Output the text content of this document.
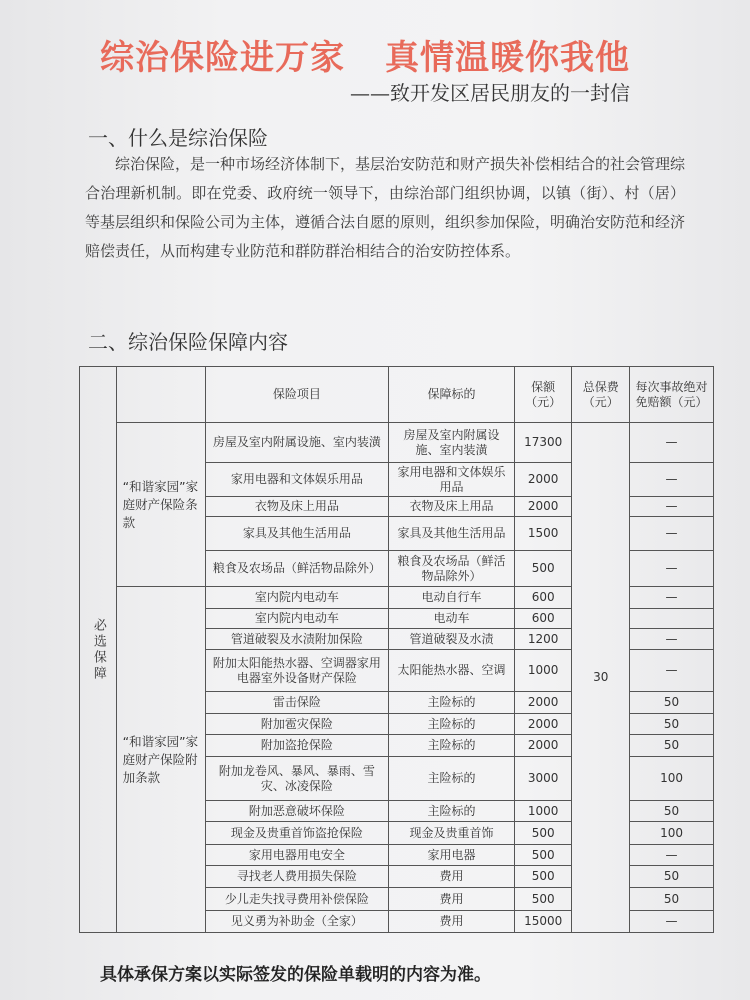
综治保险进万家 真情温暖你我他
——致开发区居民朋友的一封信
一、什么是综治保险
综治保险，是一种市场经济体制下，基层治安防范和财产损失补偿相结合的社会管理综合治理新机制。即在党委、政府统一领导下，由综治部门组织协调，以镇（街）、村（居）等基层组织和保险公司为主体，遵循合法自愿的原则，组织参加保险，明确治安防范和经济赔偿责任，从而构建专业防范和群防群治相结合的治安防控体系。
二、综治保险保障内容
必选保障		保险项目	保障标的	保额（元）	总保费（元）	每次事故绝对免赔额（元）
	“和谐家园”家庭财产保险条款	房屋及室内附属设施、室内装潢	房屋及室内附属设施、室内装潢	17300	30	—
		家用电器和文体娱乐用品	家用电器和文体娱乐用品	2000		—
		衣物及床上用品	衣物及床上用品	2000		—
		家具及其他生活用品	家具及其他生活用品	1500		—
		粮食及农场品（鲜活物品除外）	粮食及农场品（鲜活物品除外）	500		—
	“和谐家园”家庭财产保险附加条款	室内院内电动车	电动自行车	600		—
		室内院内电动车	电动车	600		
		管道破裂及水渍附加保险	管道破裂及水渍	1200		—
		附加太阳能热水器、空调器家用电器室外设备财产保险	太阳能热水器、空调	1000		—
		雷击保险	主险标的	2000		50
		附加雹灾保险	主险标的	2000		50
		附加盗抢保险	主险标的	2000		50
		附加龙卷风、暴风、暴雨、雪灾、冰凌保险	主险标的	3000		100
		附加恶意破坏保险	主险标的	1000		50
		现金及贵重首饰盗抢保险	现金及贵重首饰	500		100
		家用电器用电安全	家用电器	500		—
		寻找老人费用损失保险	费用	500		50
		少儿走失找寻费用补偿保险	费用	500		50
		见义勇为补助金（全家）	费用	15000		—
具体承保方案以实际签发的保险单载明的内容为准。
